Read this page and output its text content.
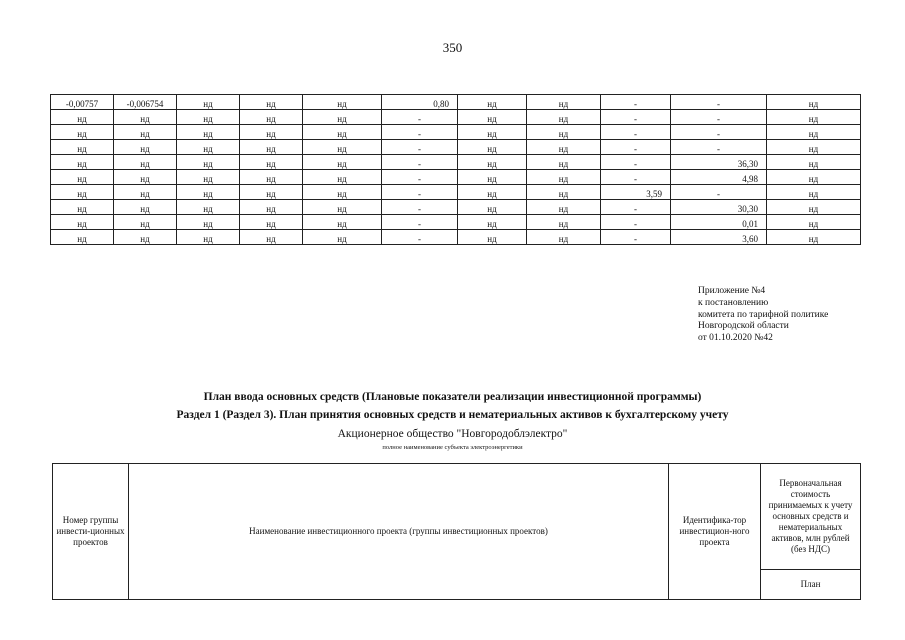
350
-0,00757	-0,006754	нд	нд	нд	0,80	нд	нд	-	-	нд
нд	нд	нд	нд	нд	-	нд	нд	-	-	нд
нд	нд	нд	нд	нд	-	нд	нд	-	-	нд
нд	нд	нд	нд	нд	-	нд	нд	-	-	нд
нд	нд	нд	нд	нд	-	нд	нд	-	36,30	нд
нд	нд	нд	нд	нд	-	нд	нд	-	4,98	нд
нд	нд	нд	нд	нд	-	нд	нд	3,59	-	нд
нд	нд	нд	нд	нд	-	нд	нд	-	30,30	нд
нд	нд	нд	нд	нд	-	нд	нд	-	0,01	нд
нд	нд	нд	нд	нд	-	нд	нд	-	3,60	нд
Приложение №4
к постановлению
комитета по тарифной политике
Новгородской области
от 01.10.2020 №42
План ввода основных средств (Плановые показатели реализации инвестиционной программы)
Раздел 1 (Раздел 3). План принятия основных средств и нематериальных активов к бухгалтерскому учету
Акционерное общество "Новгородоблэлектро"
полное наименование субъекта электроэнергетики
Номер группы инвести-ционных проектов	Наименование инвестиционного проекта (группы инвестиционных проектов)	Идентифика-тор инвестицион-ного проекта	Первоначальная стоимость принимаемых к учету основных средств и нематериальных активов, млн рублей (без НДС)
План
